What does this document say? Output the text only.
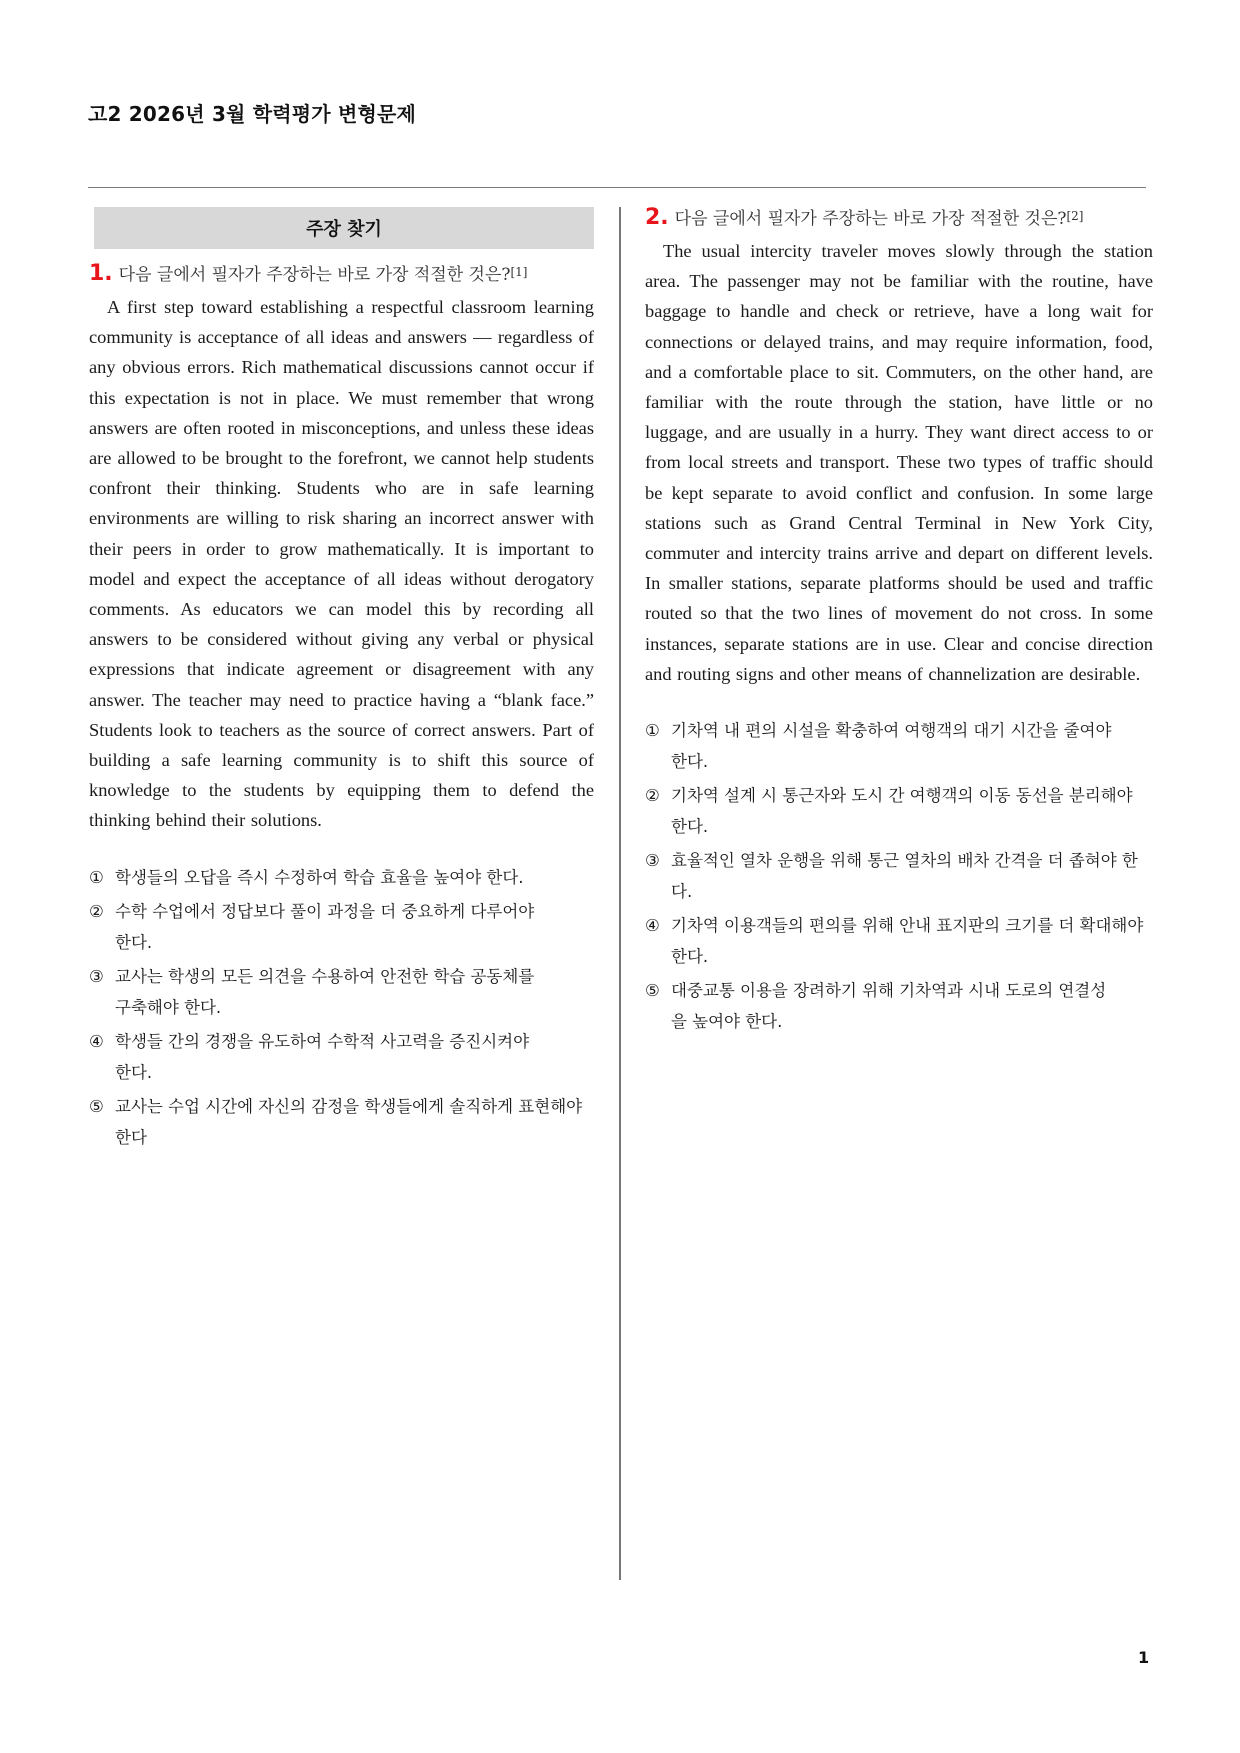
고2 2026년 3월 학력평가 변형문제
주장 찾기
1. 다음 글에서 필자가 주장하는 바로 가장 적절한 것은?[1]

A first step toward establishing a respectful classroom learning community is acceptance of all ideas and answers — regardless of any obvious errors. Rich mathematical discussions cannot occur if this expectation is not in place. We must remember that wrong answers are often rooted in misconceptions, and unless these ideas are allowed to be brought to the forefront, we cannot help students confront their thinking. Students who are in safe learning environments are willing to risk sharing an incorrect answer with their peers in order to grow mathematically. It is important to model and expect the acceptance of all ideas without derogatory comments. As educators we can model this by recording all answers to be considered without giving any verbal or physical expressions that indicate agreement or disagreement with any answer. The teacher may need to practice having a “blank face.” Students look to teachers as the source of correct answers. Part of building a safe learning community is to shift this source of knowledge to the students by equipping them to defend the thinking behind their solutions.

① 학생들의 오답을 즉시 수정하여 학습 효율을 높여야 한다.
② 수학 수업에서 정답보다 풀이 과정을 더 중요하게 다루어야 한다.
③ 교사는 학생의 모든 의견을 수용하여 안전한 학습 공동체를 구축해야 한다.
④ 학생들 간의 경쟁을 유도하여 수학적 사고력을 증진시켜야 한다.
⑤ 교사는 수업 시간에 자신의 감정을 학생들에게 솔직하게 표현해야 한다
2. 다음 글에서 필자가 주장하는 바로 가장 적절한 것은?[2]

The usual intercity traveler moves slowly through the station area. The passenger may not be familiar with the routine, have baggage to handle and check or retrieve, have a long wait for connections or delayed trains, and may require information, food, and a comfortable place to sit. Commuters, on the other hand, are familiar with the route through the station, have little or no luggage, and are usually in a hurry. They want direct access to or from local streets and transport. These two types of traffic should be kept separate to avoid conflict and confusion. In some large stations such as Grand Central Terminal in New York City, commuter and intercity trains arrive and depart on different levels. In smaller stations, separate platforms should be used and traffic routed so that the two lines of movement do not cross. In some instances, separate stations are in use. Clear and concise direction and routing signs and other means of channelization are desirable.

① 기차역 내 편의 시설을 확충하여 여행객의 대기 시간을 줄여야 한다.
② 기차역 설계 시 통근자와 도시 간 여행객의 이동 동선을 분리해야 한다.
③ 효율적인 열차 운행을 위해 통근 열차의 배차 간격을 더 좁혀야 한다.
④ 기차역 이용객들의 편의를 위해 안내 표지판의 크기를 더 확대해야 한다.
⑤ 대중교통 이용을 장려하기 위해 기차역과 시내 도로의 연결성을 높여야 한다.
1
